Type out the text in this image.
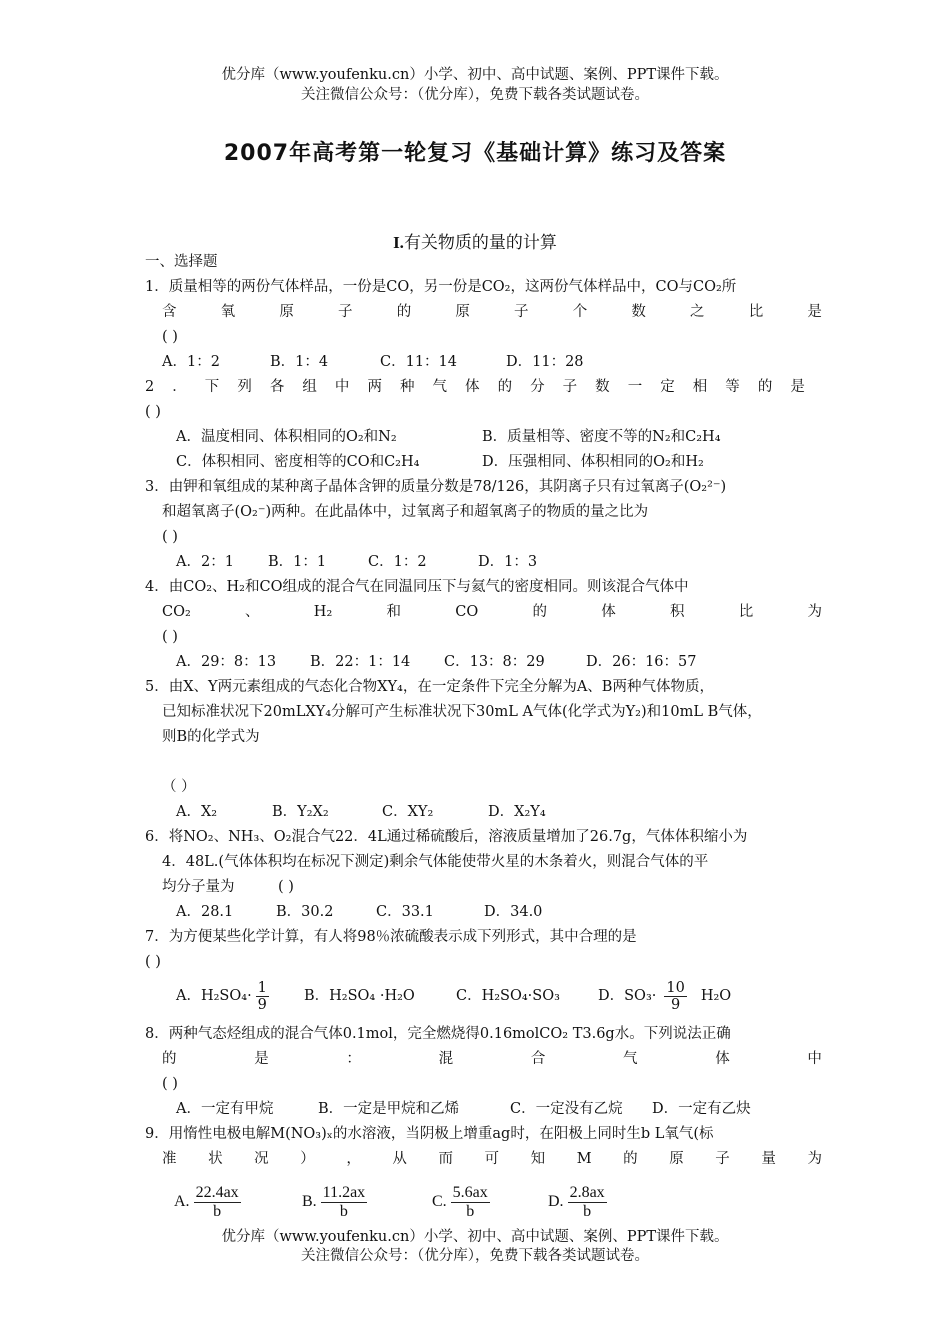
优分库（www.youfenku.cn）小学、初中、高中试题、案例、PPT课件下载。
关注微信公众号：（优分库），免费下载各类试题试卷。
2007年高考第一轮复习《基础计算》练习及答案
I.有关物质的量的计算
一、选择题
1．质量相等的两份气体样品，一份是CO，另一份是CO₂，这两份气体样品中，CO与CO₂所
含	氧	原	子	的	原	子	个	数	之	比	是
( )
A．1：2	B．1：4	C．11：14	D．11：28
2 ． 下 列 各 组 中 两 种 气 体 的 分 子 数 一 定 相 等 的 是
( )
A．温度相同、体积相同的O₂和N₂	B．质量相等、密度不等的N₂和C₂H₄
C．体积相同、密度相等的CO和C₂H₄	D．压强相同、体积相同的O₂和H₂
3．由钾和氧组成的某种离子晶体含钾的质量分数是78/126，其阴离子只有过氧离子(O₂²⁻)
和超氧离子(O₂⁻)两种。在此晶体中，过氧离子和超氧离子的物质的量之比为
( )
A．2：1 B．1：1	C．1：2	D．1：3
4．由CO₂、H₂和CO组成的混合气在同温同压下与氦气的密度相同。则该混合气体中
CO₂	、	H₂	和	CO	的	体	积	比	为
( )
A．29：8：13 B．22：1：14 C．13：8：29	D．26：16：57
5．由X、Y两元素组成的气态化合物XY₄，在一定条件下完全分解为A、B两种气体物质，
已知标准状况下20mLXY₄分解可产生标准状况下30mL A气体(化学式为Y₂)和10mL B气体，
则B的化学式为
（ ）
A．X₂	B．Y₂X₂	C．XY₂	D．X₂Y₄
6．将NO₂、NH₃、O₂混合气22．4L通过稀硫酸后，溶液质量增加了26.7g，气体体积缩小为
4．48L.(气体体积均在标况下测定)剩余气体能使带火星的木条着火，则混合气体的平
均分子量为	( )
A．28.1	B．30.2	C．33.1	D．34.0
7．为方便某些化学计算，有人将98％浓硫酸表示成下列形式，其中合理的是
( )
A．$H_2SO_4\cdot \frac{1}{9}$ B．H₂SO₄ ·H₂O	C．H₂SO₄·SO₃	D．$SO_3\cdot \frac{10}{9} H_2O$
8．两种气态烃组成的混合气体0.1mol，完全燃烧得0.16molCO₂ T3.6g水。下列说法正确
的	是	：	混	合	气	体	中
( )
A．一定有甲烷	B．一定是甲烷和乙烯	C．一定没有乙烷 D．一定有乙炔
9．用惰性电极电解M(NO₃)ₓ的水溶液，当阴极上增重ag时，在阳极上同时生b L氧气(标
准 状 况 ） ， 从 而 可 知 M 的 原 子 量 为
A. $\frac{22.4ax}{b}$	B. $\frac{11.2ax}{b}$	C. $\frac{5.6ax}{b}$	D. $\frac{2.8ax}{b}$
优分库（www.youfenku.cn）小学、初中、高中试题、案例、PPT课件下载。
关注微信公众号：（优分库），免费下载各类试题试卷。
